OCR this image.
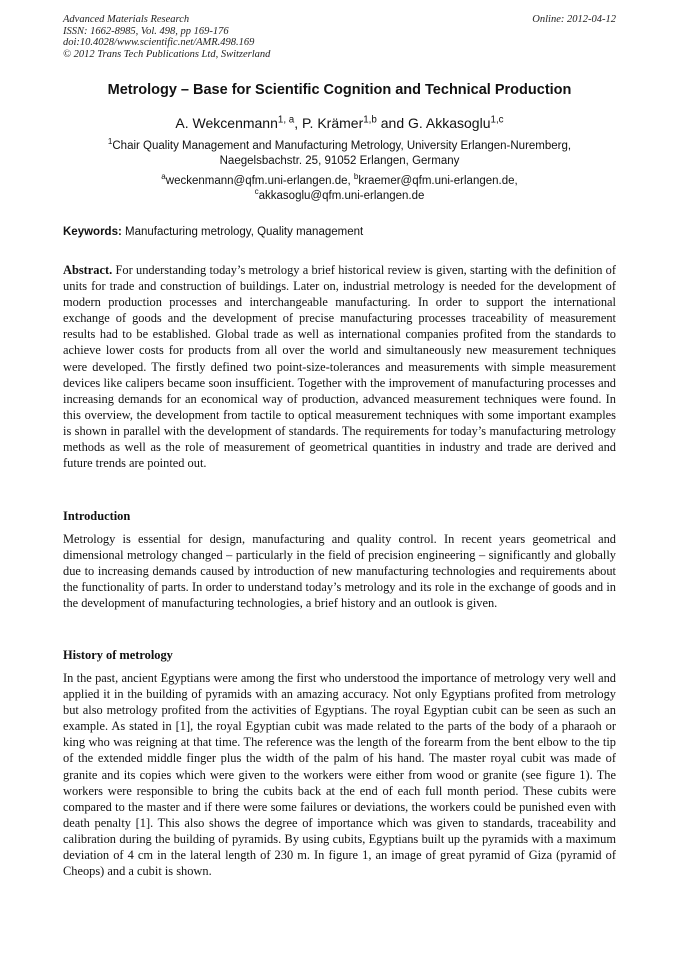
Advanced Materials Research
ISSN: 1662-8985, Vol. 498, pp 169-176
doi:10.4028/www.scientific.net/AMR.498.169
© 2012 Trans Tech Publications Ltd, Switzerland
Online: 2012-04-12
Metrology – Base for Scientific Cognition and Technical Production
A. Wekcenmann$^{1, a}$, P. Krämer$^{1,b}$ and G. Akkasoglu$^{1,c}$
$^1$Chair Quality Management and Manufacturing Metrology, University Erlangen-Nuremberg,
Naegelsbachstr. 25, 91052 Erlangen, Germany
$^a$weckenmann@qfm.uni-erlangen.de, $^b$kraemer@qfm.uni-erlangen.de,
$^c$akkasoglu@qfm.uni-erlangen.de
Keywords: Manufacturing metrology, Quality management
Abstract. For understanding today’s metrology a brief historical review is given, starting with the definition of units for trade and construction of buildings. Later on, industrial metrology is needed for the development of modern production processes and interchangeable manufacturing. In order to support the international exchange of goods and the development of precise manufacturing processes traceability of measurement results had to be established. Global trade as well as international companies profited from the standards to achieve lower costs for products from all over the world and simultaneously new measurement techniques were developed. The firstly defined two point-size-tolerances and measurements with simple measurement devices like calipers became soon insufficient. Together with the improvement of manufacturing processes and increasing demands for an economical way of production, advanced measurement techniques were found. In this overview, the development from tactile to optical measurement techniques with some important examples is shown in parallel with the development of standards. The requirements for today’s manufacturing metrology methods as well as the role of measurement of geometrical quantities in industry and trade are derived and future trends are pointed out.
Introduction
Metrology is essential for design, manufacturing and quality control. In recent years geometrical and dimensional metrology changed – particularly in the field of precision engineering – significantly and globally due to increasing demands caused by introduction of new manufacturing technologies and requirements about the functionality of parts. In order to understand today’s metrology and its role in the exchange of goods and in the development of manufacturing technologies, a brief history and an outlook is given.
History of metrology
In the past, ancient Egyptians were among the first who understood the importance of metrology very well and applied it in the building of pyramids with an amazing accuracy. Not only Egyptians profited from metrology but also metrology profited from the activities of Egyptians. The royal Egyptian cubit can be seen as such an example. As stated in [1], the royal Egyptian cubit was made related to the parts of the body of a pharaoh or king who was reigning at that time. The reference was the length of the forearm from the bent elbow to the tip of the extended middle finger plus the width of the palm of his hand. The master royal cubit was made of granite and its copies which were given to the workers were either from wood or granite (see figure 1). The workers were responsible to bring the cubits back at the end of each full month period. These cubits were compared to the master and if there were some failures or deviations, the workers could be punished even with death penalty [1]. This also shows the degree of importance which was given to standards, traceability and calibration during the building of pyramids. By using cubits, Egyptians built up the pyramids with a maximum deviation of 4 cm in the lateral length of 230 m. In figure 1, an image of great pyramid of Giza (pyramid of Cheops) and a cubit is shown.
